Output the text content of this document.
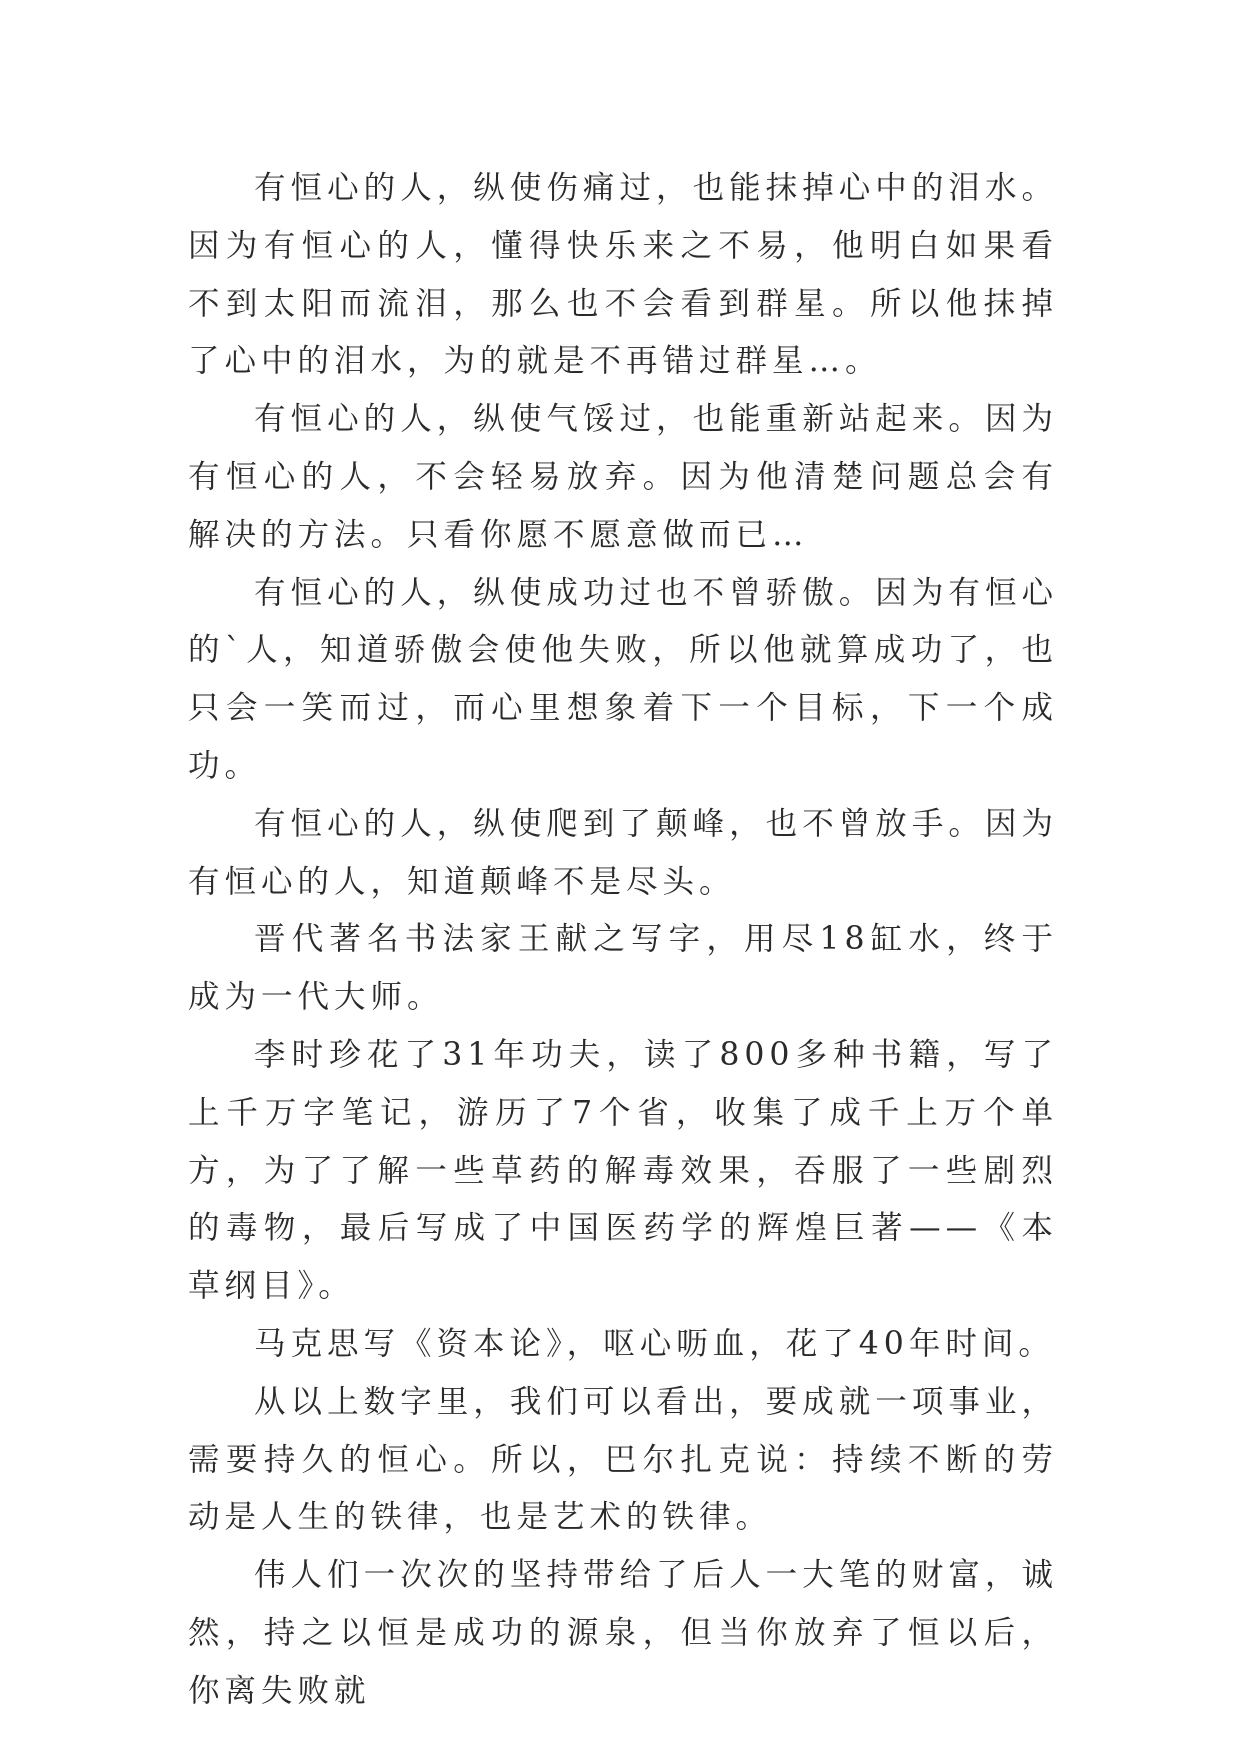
有恒心的人，纵使伤痛过，也能抹掉心中的泪水。因为有恒心的人，懂得快乐来之不易，他明白如果看不到太阳而流泪，那么也不会看到群星。所以他抹掉了心中的泪水，为的就是不再错过群星…。

有恒心的人，纵使气馁过，也能重新站起来。因为有恒心的人，不会轻易放弃。因为他清楚问题总会有解决的方法。只看你愿不愿意做而已…

有恒心的人，纵使成功过也不曾骄傲。因为有恒心的`人，知道骄傲会使他失败，所以他就算成功了，也只会一笑而过，而心里想象着下一个目标，下一个成功。

有恒心的人，纵使爬到了颠峰，也不曾放手。因为有恒心的人，知道颠峰不是尽头。

晋代著名书法家王献之写字，用尽18缸水，终于成为一代大师。

李时珍花了31年功夫，读了800多种书籍，写了上千万字笔记，游历了7个省，收集了成千上万个单方，为了了解一些草药的解毒效果，吞服了一些剧烈的毒物，最后写成了中国医药学的辉煌巨著——《本草纲目》。

马克思写《资本论》，呕心呖血，花了40年时间。

从以上数字里，我们可以看出，要成就一项事业，需要持久的恒心。所以，巴尔扎克说：持续不断的劳动是人生的铁律，也是艺术的铁律。

伟人们一次次的坚持带给了后人一大笔的财富，诚然，持之以恒是成功的源泉，但当你放弃了恒以后，你离失败就
